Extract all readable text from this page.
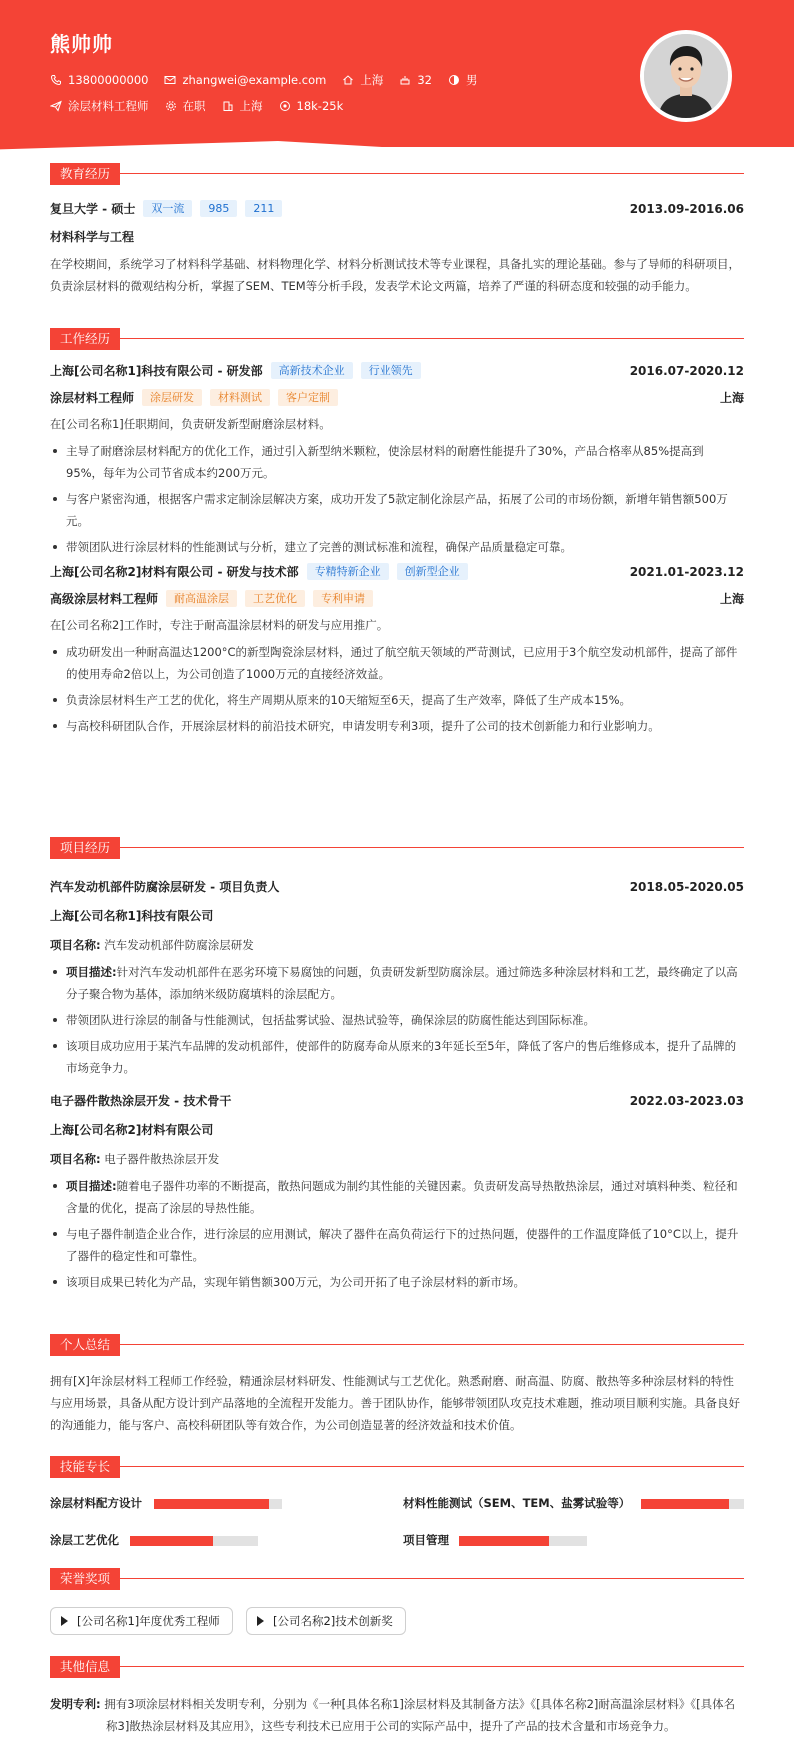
熊帅帅
13800000000	zhangwei@example.com	上海	32	男
涂层材料工程师	在职	上海	18k-25k
教育经历
复旦大学 - 硕士	双一流	985	211	2013.09-2016.06
材料科学与工程
在学校期间，系统学习了材料科学基础、材料物理化学、材料分析测试技术等专业课程，具备扎实的理论基础。参与了导师的科研项目，负责涂层材料的微观结构分析，掌握了SEM、TEM等分析手段，发表学术论文两篇，培养了严谨的科研态度和较强的动手能力。
工作经历
上海[公司名称1]科技有限公司 - 研发部	高新技术企业	行业领先	2016.07-2020.12
涂层材料工程师	涂层研发	材料测试	客户定制	上海
在[公司名称1]任职期间，负责研发新型耐磨涂层材料。
主导了耐磨涂层材料配方的优化工作，通过引入新型纳米颗粒，使涂层材料的耐磨性能提升了30%，产品合格率从85%提高到95%，每年为公司节省成本约200万元。
与客户紧密沟通，根据客户需求定制涂层解决方案，成功开发了5款定制化涂层产品，拓展了公司的市场份额，新增年销售额500万元。
带领团队进行涂层材料的性能测试与分析，建立了完善的测试标准和流程，确保产品质量稳定可靠。
上海[公司名称2]材料有限公司 - 研发与技术部	专精特新企业	创新型企业	2021.01-2023.12
高级涂层材料工程师	耐高温涂层	工艺优化	专利申请	上海
在[公司名称2]工作时，专注于耐高温涂层材料的研发与应用推广。
成功研发出一种耐高温达1200°C的新型陶瓷涂层材料，通过了航空航天领域的严苛测试，已应用于3个航空发动机部件，提高了部件的使用寿命2倍以上，为公司创造了1000万元的直接经济效益。
负责涂层材料生产工艺的优化，将生产周期从原来的10天缩短至6天，提高了生产效率，降低了生产成本15%。
与高校科研团队合作，开展涂层材料的前沿技术研究，申请发明专利3项，提升了公司的技术创新能力和行业影响力。
项目经历
汽车发动机部件防腐涂层研发 - 项目负责人	2018.05-2020.05
上海[公司名称1]科技有限公司
项目名称: 汽车发动机部件防腐涂层研发
项目描述:针对汽车发动机部件在恶劣环境下易腐蚀的问题，负责研发新型防腐涂层。通过筛选多种涂层材料和工艺，最终确定了以高分子聚合物为基体，添加纳米级防腐填料的涂层配方。
带领团队进行涂层的制备与性能测试，包括盐雾试验、湿热试验等，确保涂层的防腐性能达到国际标准。
该项目成功应用于某汽车品牌的发动机部件，使部件的防腐寿命从原来的3年延长至5年，降低了客户的售后维修成本，提升了品牌的市场竞争力。
电子器件散热涂层开发 - 技术骨干	2022.03-2023.03
上海[公司名称2]材料有限公司
项目名称: 电子器件散热涂层开发
项目描述:随着电子器件功率的不断提高，散热问题成为制约其性能的关键因素。负责研发高导热散热涂层，通过对填料种类、粒径和含量的优化，提高了涂层的导热性能。
与电子器件制造企业合作，进行涂层的应用测试，解决了器件在高负荷运行下的过热问题，使器件的工作温度降低了10°C以上，提升了器件的稳定性和可靠性。
该项目成果已转化为产品，实现年销售额300万元，为公司开拓了电子涂层材料的新市场。
个人总结
拥有[X]年涂层材料工程师工作经验，精通涂层材料研发、性能测试与工艺优化。熟悉耐磨、耐高温、防腐、散热等多种涂层材料的特性与应用场景，具备从配方设计到产品落地的全流程开发能力。善于团队协作，能够带领团队攻克技术难题，推动项目顺利实施。具备良好的沟通能力，能与客户、高校科研团队等有效合作，为公司创造显著的经济效益和技术价值。
技能专长
涂层材料配方设计	材料性能测试（SEM、TEM、盐雾试验等）
涂层工艺优化	项目管理
荣誉奖项
[公司名称1]年度优秀工程师	[公司名称2]技术创新奖
其他信息
发明专利: 拥有3项涂层材料相关发明专利，分别为《一种[具体名称1]涂层材料及其制备方法》《[具体名称2]耐高温涂层材料》《[具体名称3]散热涂层材料及其应用》，这些专利技术已应用于公司的实际产品中，提升了产品的技术含量和市场竞争力。
